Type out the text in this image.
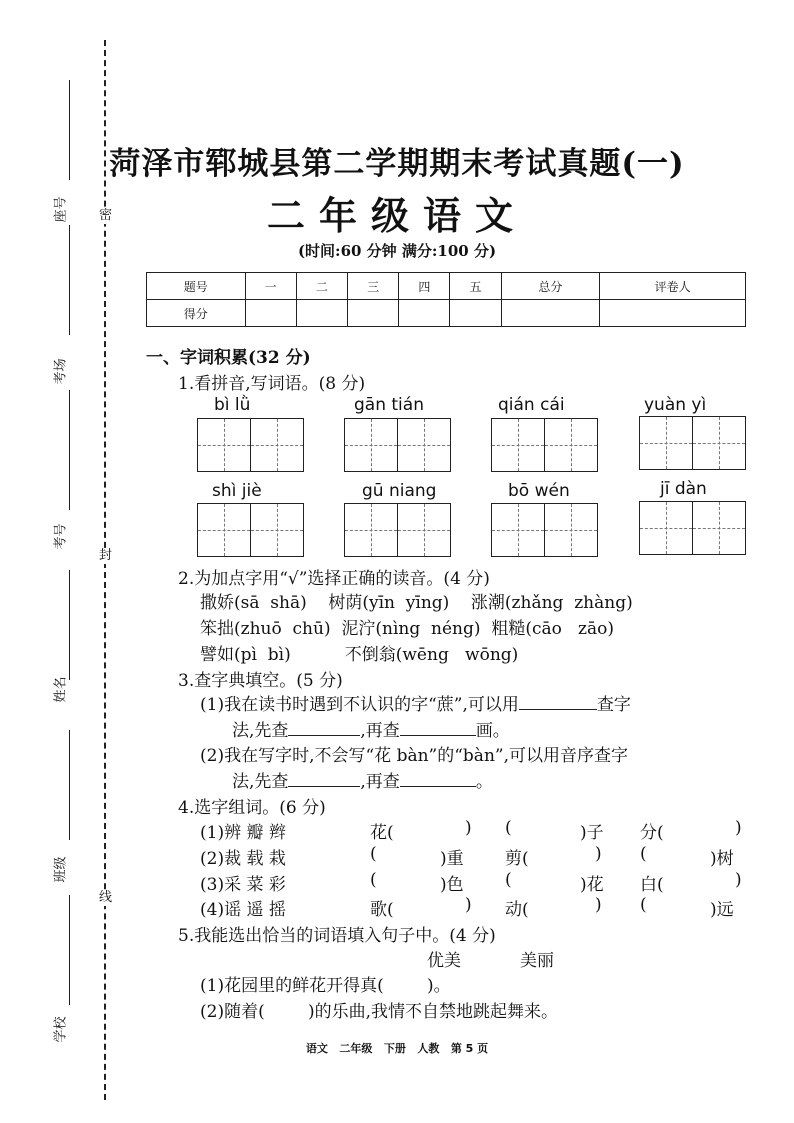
密
封
线
座号
考场
考号
姓名
班级
学校
菏泽市郓城县第二学期期末考试真题(一)
二年级语文
(时间:60 分钟 满分:100 分)
题号	一	二	三	四	五	总分	评卷人
得分							
一、字词积累(32 分)
1.看拼音,写词语。(8 分)
bì lǜ	gān tián	qián cái	yuàn yì
shì jiè	gū niang	bō wén	jī dàn
2.为加点字用“√”选择正确的读音。(4 分)
撒娇(sā  shā)    树荫(yīn  yīng)    涨潮(zhǎng  zhàng)
笨拙(zhuō  chū)  泥泞(nìng  néng)  粗糙(cāo   zāo)
譬如(pì  bì)          不倒翁(wēng   wōng)
3.查字典填空。(5 分)
(1)我在读书时遇到不认识的字“蔗”,可以用	查字
法,先查	,再查	画。
(2)我在写字时,不会写“花 bàn”的“bàn”,可以用音序查字
法,先查	,再查	。
4.选字组词。(6 分)
(1)辨 瓣 辫	花(	) (	)子 分(	)
(2)裁 载 栽	(	)重 剪(	) (	)树
(3)采 菜 彩	(	)色 (	)花 白(	)
(4)谣 遥 摇	歌(	) 动(	) (	)远
5.我能选出恰当的词语填入句子中。(4 分)
优美	美丽
(1)花园里的鲜花开得真(        )。
(2)随着(        )的乐曲,我情不自禁地跳起舞来。
语文   二年级   下册   人教   第 5 页
